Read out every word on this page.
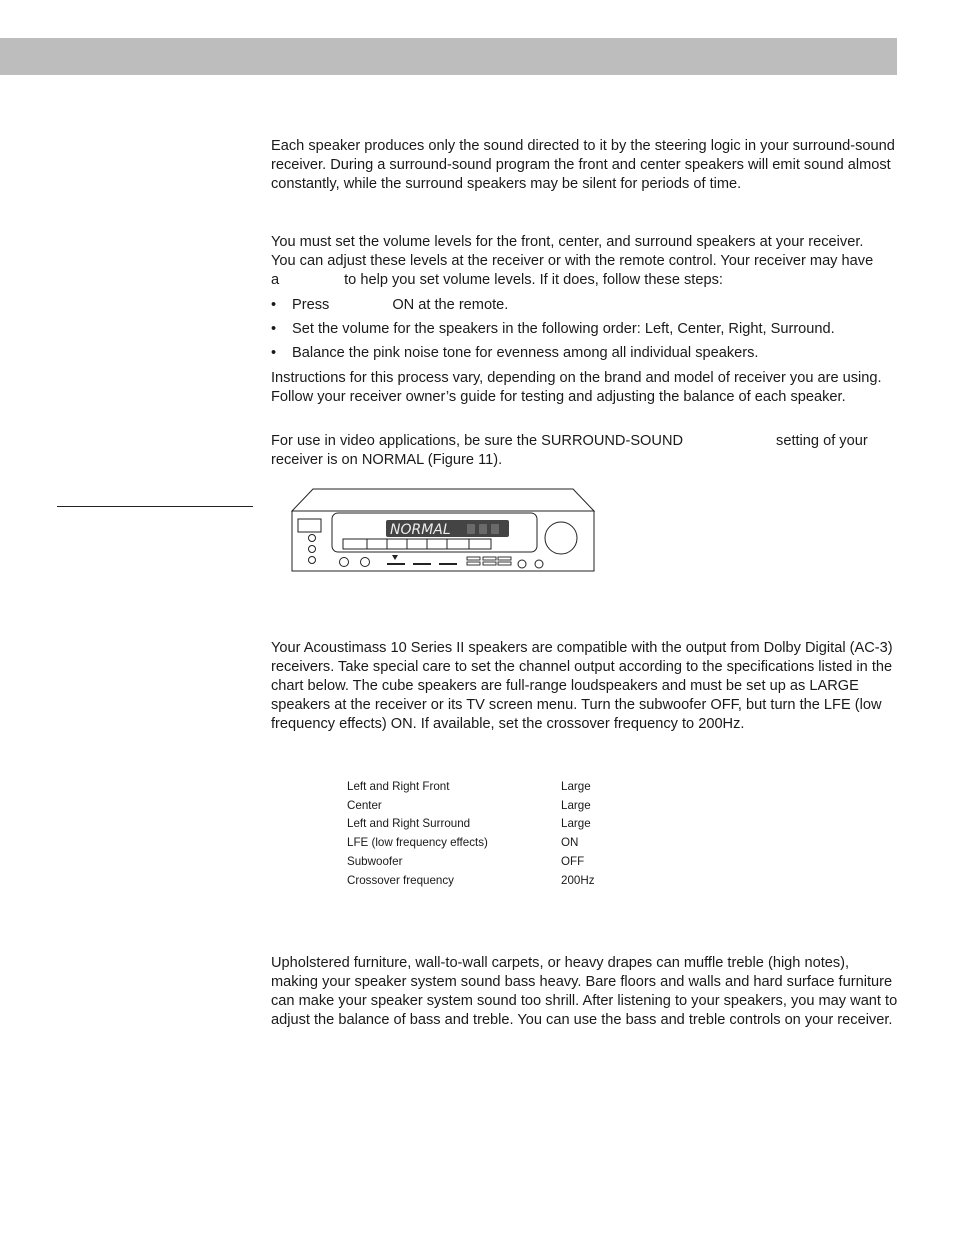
Each speaker produces only the sound directed to it by the steering logic in your surround-sound receiver. During a surround-sound program the front and center speakers will emit sound almost constantly, while the surround speakers may be silent for periods of time.

You must set the volume levels for the front, center, and surround speakers at your receiver.
You can adjust these levels at the receiver or with the remote control. Your receiver may have
a	to help you set volume levels. If it does, follow these steps:
• Press	ON at the remote.
• Set the volume for the speakers in the following order: Left, Center, Right, Surround.
• Balance the pink noise tone for evenness among all individual speakers.

Instructions for this process vary, depending on the brand and model of receiver you are using. Follow your receiver owner’s guide for testing and adjusting the balance of each speaker.

For use in video applications, be sure the SURROUND-SOUND	setting of your
receiver is on NORMAL (Figure 11).
NORMAL

Your Acoustimass 10 Series II speakers are compatible with the output from Dolby Digital (AC-3) receivers. Take special care to set the channel output according to the specifications listed in the chart below. The cube speakers are full-range loudspeakers and must be set up as LARGE speakers at the receiver or its TV screen menu. Turn the subwoofer OFF, but turn the LFE (low frequency effects) ON. If available, set the crossover frequency to 200Hz.

Left and Right Front	Large
Center	Large
Left and Right Surround	Large
LFE (low frequency effects)	ON
Subwoofer	OFF
Crossover frequency	200Hz

Upholstered furniture, wall-to-wall carpets, or heavy drapes can muffle treble (high notes), making your speaker system sound bass heavy. Bare floors and walls and hard surface furniture can make your speaker system sound too shrill. After listening to your speakers, you may want to adjust the balance of bass and treble. You can use the bass and treble controls on your receiver.
